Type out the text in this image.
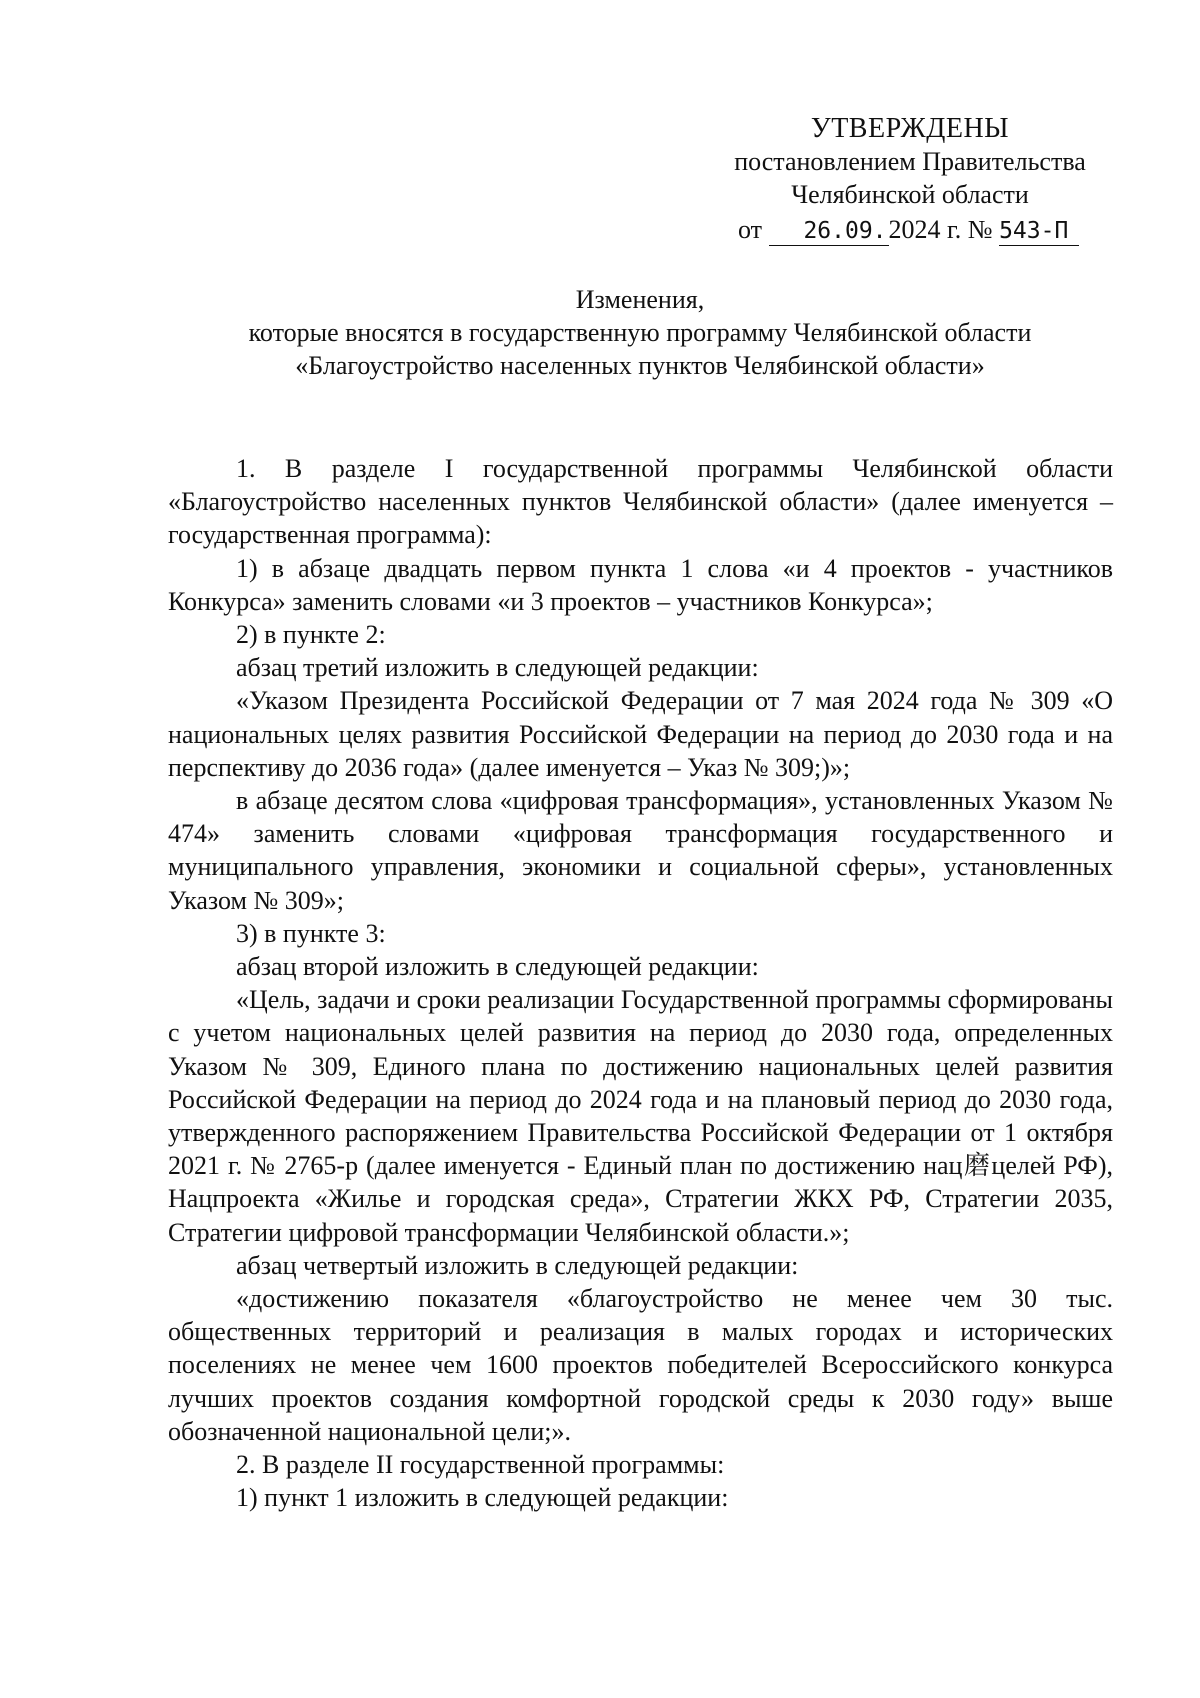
УТВЕРЖДЕНЫ
постановлением Правительства
Челябинской области
от 26.09.2024 г. № 543-П
Изменения,
которые вносятся в государственную программу Челябинской области
«Благоустройство населенных пунктов Челябинской области»

1. В разделе I государственной программы Челябинской области «Благоустройство населенных пунктов Челябинской области» (далее именуется – государственная программа):

1) в абзаце двадцать первом пункта 1 слова «и 4 проектов - участников Конкурса» заменить словами «и 3 проектов – участников Конкурса»;

2) в пункте 2:

абзац третий изложить в следующей редакции:

«Указом Президента Российской Федерации от 7 мая 2024 года № 309 «О национальных целях развития Российской Федерации на период до 2030 года и на перспективу до 2036 года» (далее именуется – Указ № 309;)»;

в абзаце десятом слова «цифровая трансформация», установленных Указом № 474» заменить словами «цифровая трансформация государственного и муниципального управления, экономики и социальной сферы», установленных Указом № 309»;

3) в пункте 3:

абзац второй изложить в следующей редакции:

«Цель, задачи и сроки реализации Государственной программы сформированы с учетом национальных целей развития на период до 2030 года, определенных Указом № 309, Единого плана по достижению национальных целей развития Российской Федерации на период до 2024 года и на плановый период до 2030 года, утвержденного распоряжением Правительства Российской Федерации от 1 октября 2021 г. № 2765-р (далее именуется - Единый план по достижению нац磨целей РФ), Нацпроекта «Жилье и городская среда», Стратегии ЖКХ РФ, Стратегии 2035, Стратегии цифровой трансформации Челябинской области.»;

абзац четвертый изложить в следующей редакции:

«достижению показателя «благоустройство не менее чем 30 тыс. общественных территорий и реализация в малых городах и исторических поселениях не менее чем 1600 проектов победителей Всероссийского конкурса лучших проектов создания комфортной городской среды к 2030 году» выше обозначенной национальной цели;».

2. В разделе II государственной программы:

1) пункт 1 изложить в следующей редакции:
